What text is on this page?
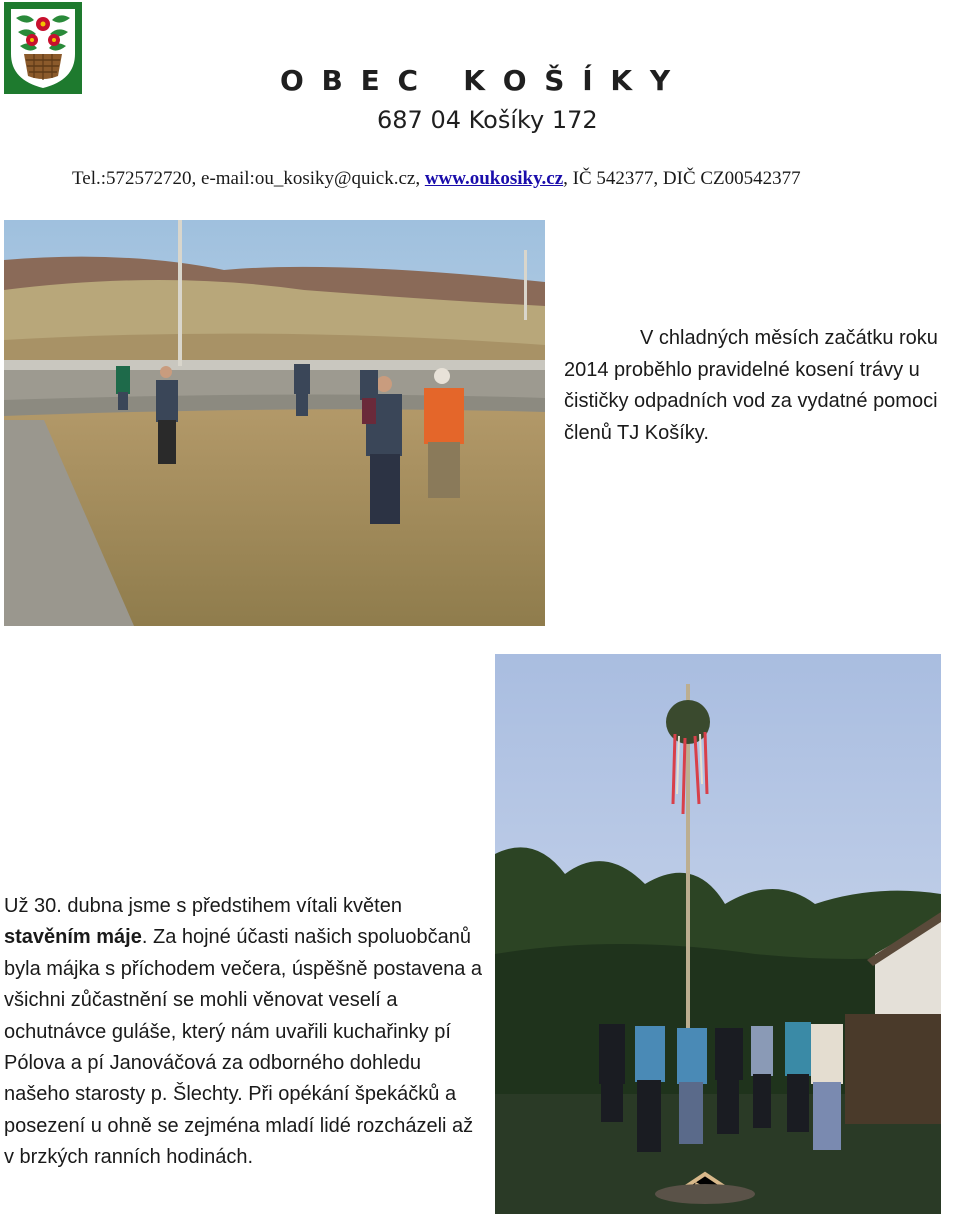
O B E C   K O Š Í K Y
687 04 Košíky 172
Tel.:572572720, e-mail:ou_kosiky@quick.cz, www.oukosiky.cz, IČ 542377, DIČ CZ00542377
V chladných měsích začátku roku 2014 proběhlo pravidelné kosení trávy u čističky odpadních vod za vydatné pomoci členů TJ Košíky.
Už 30. dubna jsme s předstihem vítali květen stavěním máje. Za hojné účasti našich spoluobčanů byla májka s příchodem večera, úspěšně postavena a všichni zůčastnění se mohli věnovat veselí a ochutnávce guláše, který nám uvařili kuchařinky pí Pólova a pí Janováčová za odborného dohledu našeho starosty p. Šlechty. Při opékání špekáčků a posezení u ohně se zejména mladí lidé rozcházeli až v brzkých ranních hodinách.
